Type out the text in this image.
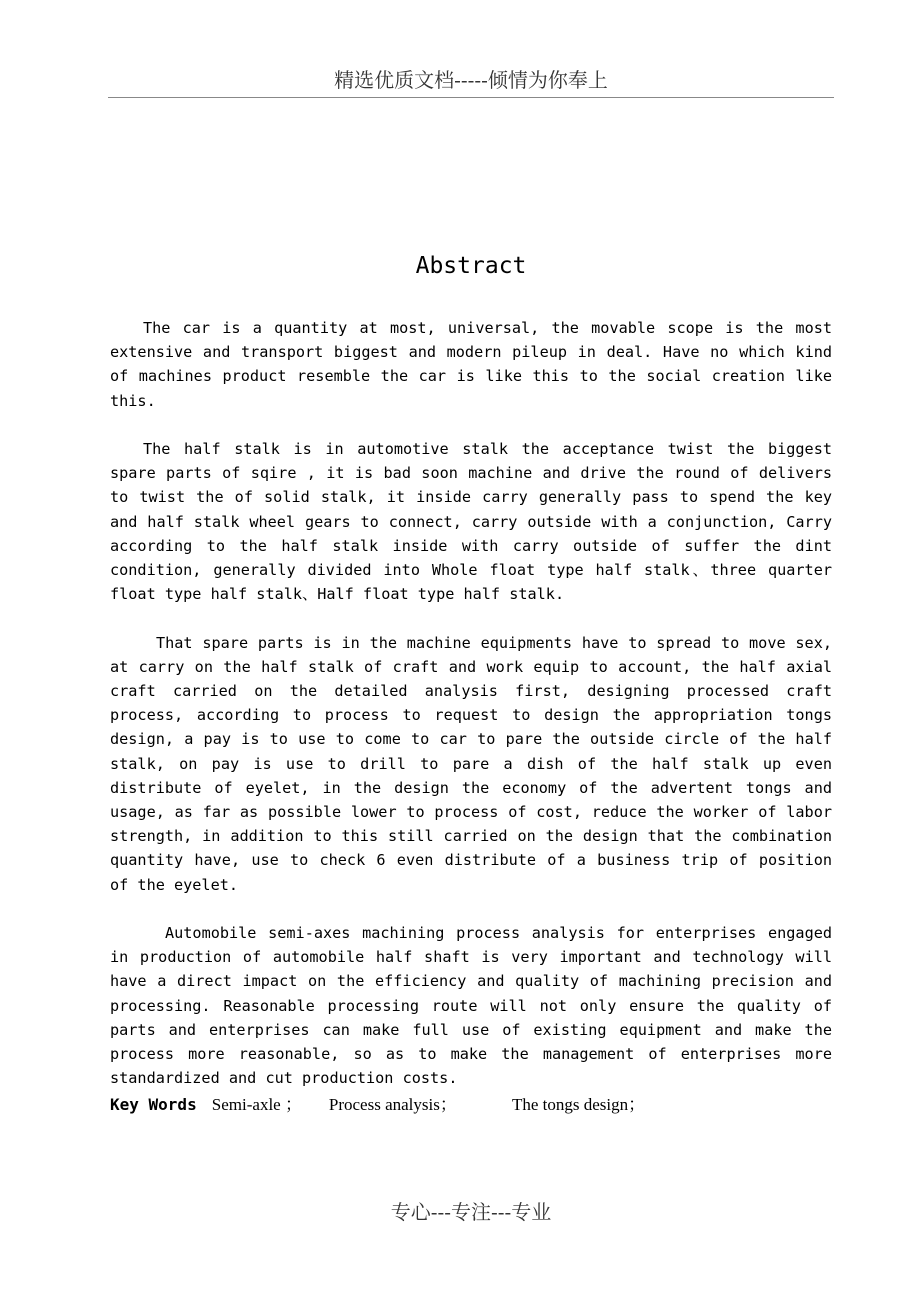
精选优质文档-----倾情为你奉上
Abstract

The car is a quantity at most, universal, the movable scope is the most extensive and transport biggest and modern pileup in deal. Have no which kind of machines product resemble the car is like this to the social creation like this.

The half stalk is in automotive stalk the acceptance twist the biggest spare parts of sqire , it is bad soon machine and drive the round of delivers to twist the of solid stalk, it inside carry generally pass to spend the key and half stalk wheel gears to connect, carry outside with a conjunction, Carry according to the half stalk inside with carry outside of suffer the dint condition, generally divided into Whole float type half stalk、three quarter float type half stalk、Half float type half stalk.

That spare parts is in the machine equipments have to spread to move sex, at carry on the half stalk of craft and work equip to account, the half axial craft carried on the detailed analysis first, designing processed craft process, according to process to request to design the appropriation tongs design, a pay is to use to come to car to pare the outside circle of the half stalk, on pay is use to drill to pare a dish of the half stalk up even distribute of eyelet, in the design the economy of the advertent tongs and usage, as far as possible lower to process of cost, reduce the worker of labor strength, in addition to this still carried on the design that the combination quantity have, use to check 6 even distribute of a business trip of position of the eyelet.

Automobile semi-axes machining process analysis for enterprises engaged in production of automobile half shaft is very important and technology will have a direct impact on the efficiency and quality of machining precision and processing. Reasonable processing route will not only ensure the quality of parts and enterprises can make full use of existing equipment and make the process more reasonable, so as to make the management of enterprises more standardized and cut production costs.

Key Words Semi-axle ； Process analysis；	The tongs design；
专心---专注---专业
